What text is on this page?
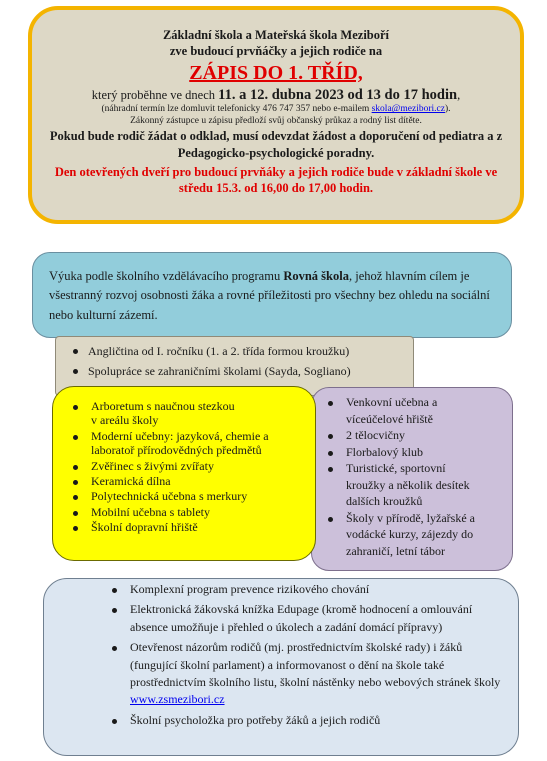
Základní škola a Mateřská škola Meziboří

zve budoucí prvňáčky a jejich rodiče na

ZÁPIS DO 1. TŘÍD,

který proběhne ve dnech 11. a 12. dubna 2023 od 13 do 17 hodin,

(náhradní termín lze domluvit telefonicky 476 747 357 nebo e-mailem skola@mezibori.cz).

Zákonný zástupce u zápisu předloží svůj občanský průkaz a rodný list dítěte.

Pokud bude rodič žádat o odklad, musí odevzdat žádost a doporučení od pediatra a z Pedagogicko-psychologické poradny.

Den otevřených dveří pro budoucí prvňáky a jejich rodiče bude v základní škole ve středu 15.3. od 16,00 do 17,00 hodin.

Výuka podle školního vzdělávacího programu Rovná škola, jehož hlavním cílem je všestranný rozvoj osobnosti žáka a rovné příležitosti pro všechny bez ohledu na sociální nebo kulturní zázemí.
Angličtina od I. ročníku (1. a 2. třída formou kroužku)
Spolupráce se zahraničními školami (Sayda, Sogliano)
Arboretum s naučnou stezkou
v areálu školy
Moderní učebny: jazyková, chemie a
laboratoř přírodovědných předmětů
Zvěřinec s živými zvířaty
Keramická dílna
Polytechnická učebna s merkury
Mobilní učebna s tablety
Školní dopravní hřiště
Venkovní učebna a
víceúčelové hřiště
2 tělocvičny
Florbalový klub
Turistické, sportovní
kroužky a několik desítek
dalších kroužků
Školy v přírodě, lyžařské a
vodácké kurzy, zájezdy do
zahraničí, letní tábor
Komplexní program prevence rizikového chování
Elektronická žákovská knížka Edupage (kromě hodnocení a omlouvání absence umožňuje i přehled o úkolech a zadání domácí přípravy)
Otevřenost názorům rodičů (mj. prostřednictvím školské rady) i žáků (fungující školní parlament) a informovanost o dění na škole také prostřednictvím školního listu, školní nástěnky nebo webových stránek školy www.zsmezibori.cz
Školní psycholožka pro potřeby žáků a jejich rodičů
